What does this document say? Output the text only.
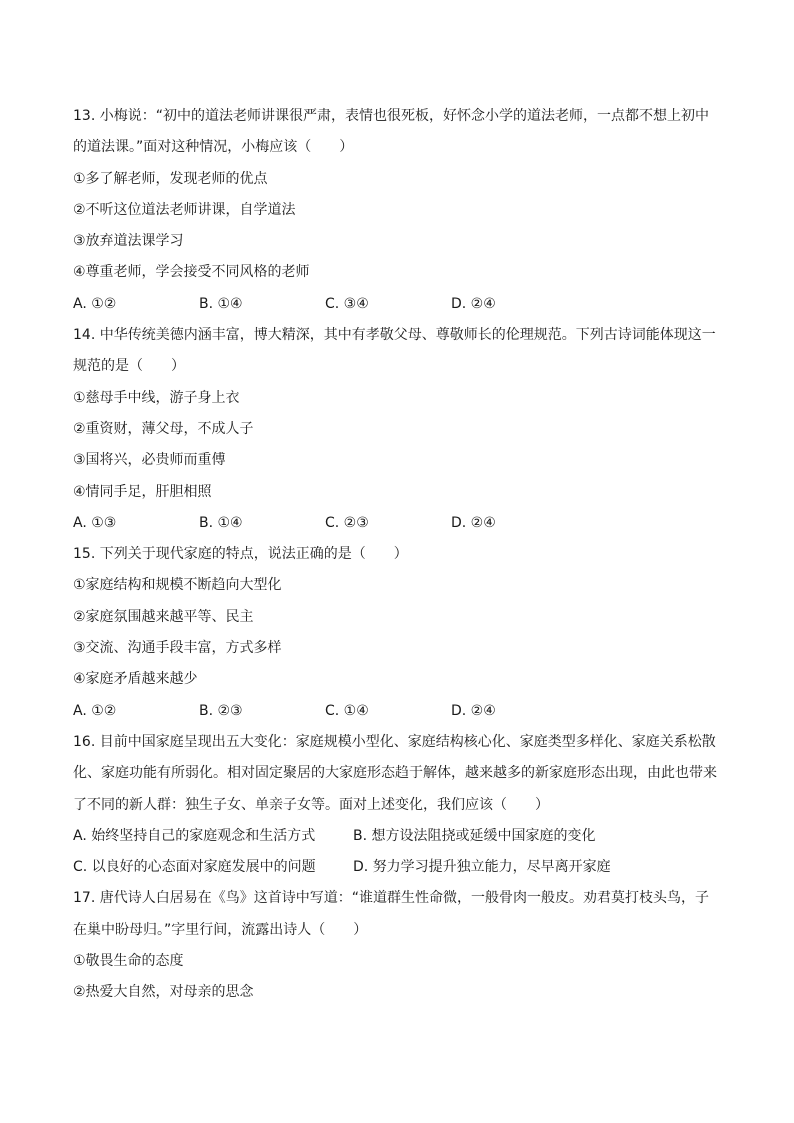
13. 小梅说：“初中的道法老师讲课很严肃，表情也很死板，好怀念小学的道法老师，一点都不想上初中
的道法课。”面对这种情况，小梅应该（　　）
①多了解老师，发现老师的优点
②不听这位道法老师讲课，自学道法
③放弃道法课学习
④尊重老师，学会接受不同风格的老师
A. ①②	B. ①④	C. ③④	D. ②④
14. 中华传统美德内涵丰富，博大精深，其中有孝敬父母、尊敬师长的伦理规范。下列古诗词能体现这一
规范的是（　　）
①慈母手中线，游子身上衣
②重资财，薄父母，不成人子
③国将兴，必贵师而重傅
④情同手足，肝胆相照
A. ①③	B. ①④	C. ②③	D. ②④
15. 下列关于现代家庭的特点，说法正确的是（　　）
①家庭结构和规模不断趋向大型化
②家庭氛围越来越平等、民主
③交流、沟通手段丰富，方式多样
④家庭矛盾越来越少
A. ①②	B. ②③	C. ①④	D. ②④
16. 目前中国家庭呈现出五大变化：家庭规模小型化、家庭结构核心化、家庭类型多样化、家庭关系松散
化、家庭功能有所弱化。相对固定聚居的大家庭形态趋于解体，越来越多的新家庭形态出现，由此也带来
了不同的新人群：独生子女、单亲子女等。面对上述变化，我们应该（　　）
A. 始终坚持自己的家庭观念和生活方式	B. 想方设法阻挠或延缓中国家庭的变化
C. 以良好的心态面对家庭发展中的问题	D. 努力学习提升独立能力，尽早离开家庭
17. 唐代诗人白居易在《鸟》这首诗中写道：“谁道群生性命微，一般骨肉一般皮。劝君莫打枝头鸟，子
在巢中盼母归。”字里行间，流露出诗人（　　）
①敬畏生命的态度
②热爱大自然，对母亲的思念
